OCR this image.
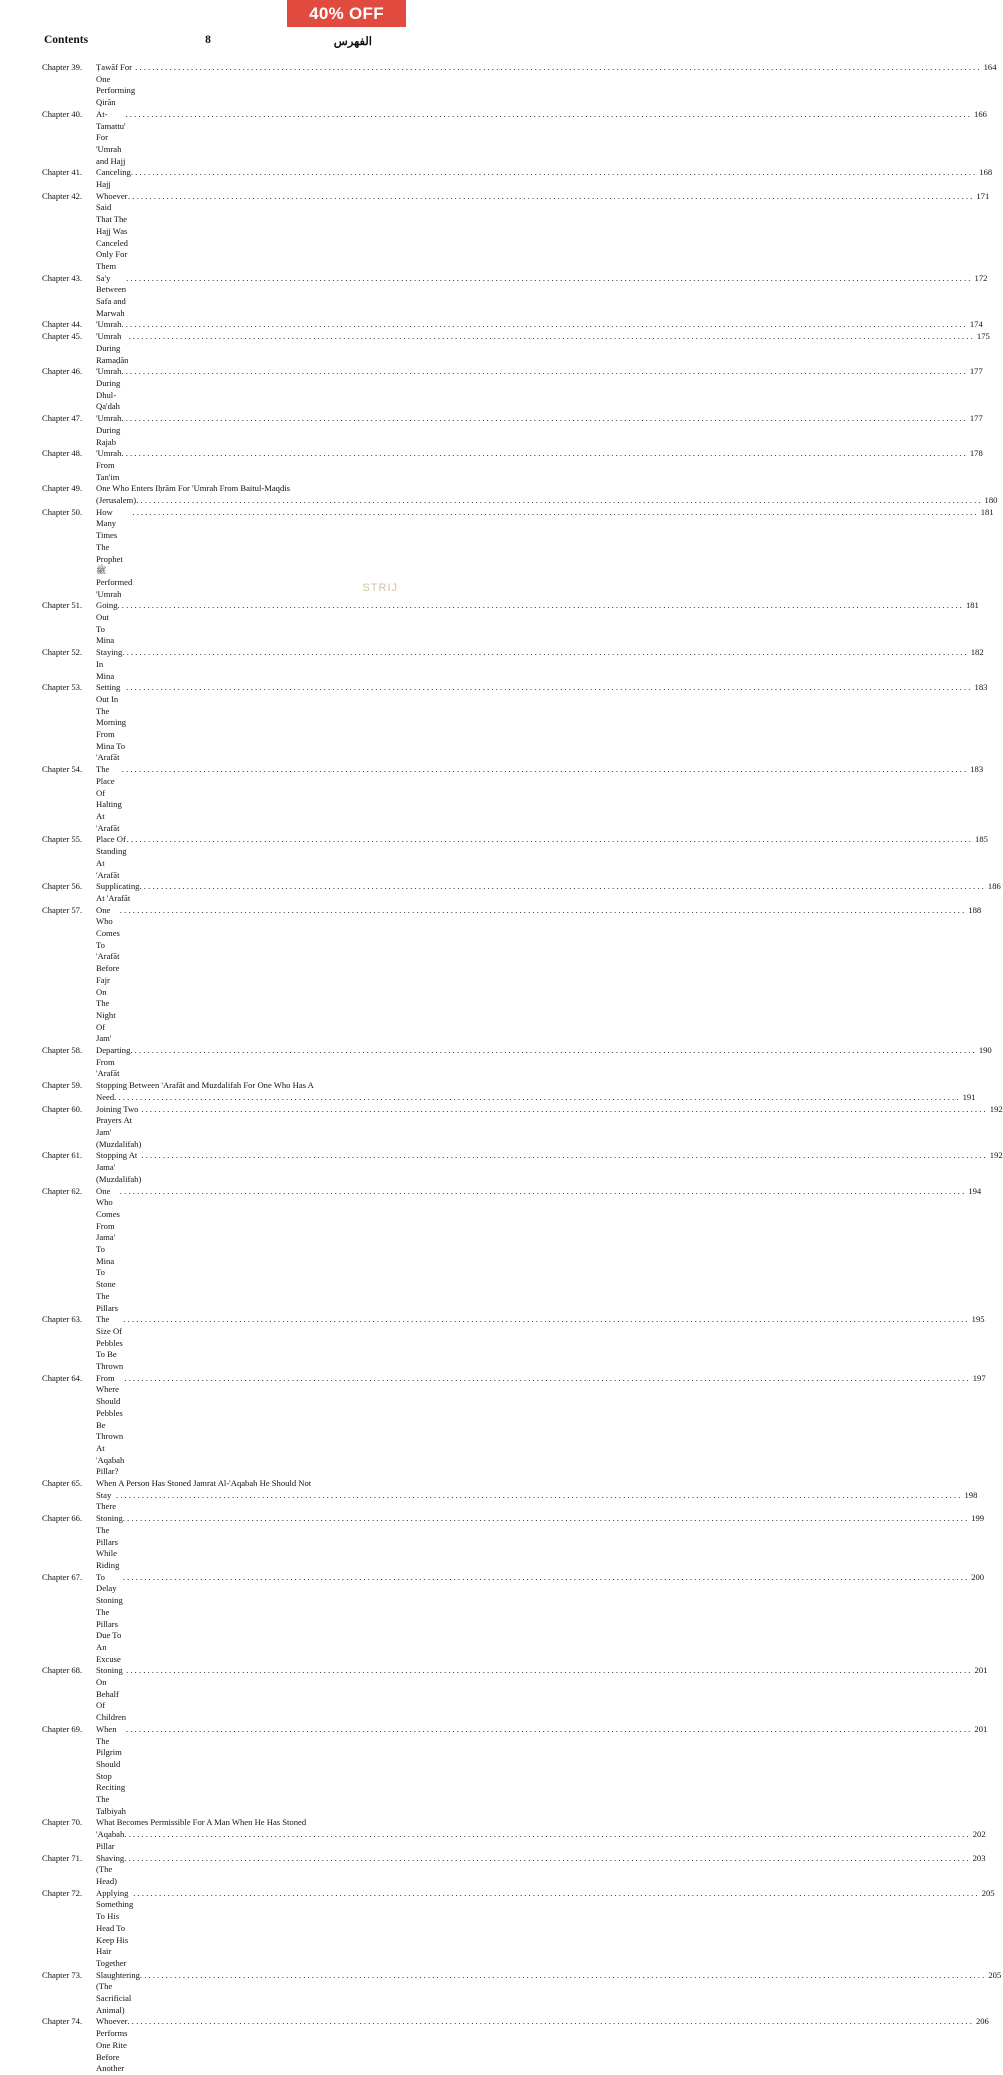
40% OFF
Contents	8	الفهرس
Chapter 39.	Ṭawāf For One Performing Qirān
. . .
164
Chapter 40.	At-Tamattu' For 'Umrah and Hajj
. . .
166
Chapter 41.	Canceling Hajj
. . .
168
Chapter 42.	Whoever Said That The Hajj Was Canceled Only For Them
. . .
171
Chapter 43.	Sa'y Between Safa and Marwah
. . .
172
Chapter 44.	'Umrah . . .	174
Chapter 45.	'Umrah During Ramaḍān
. . .
175
Chapter 46.	'Umrah During Dhul-Qa'dah
. . .
177
Chapter 47.	'Umrah During Rajab
. . .
177
Chapter 48.	'Umrah From Tan'im
. . .
178
Chapter 49.	One Who Enters Iḥrām For 'Umrah From Baitul-Maqdis
(Jerusalem) . . .	180
Chapter 50.	How Many Times The Prophet ﷺ Performed 'Umrah
. . .
181
Chapter 51.	Going Out To Mina
. . .
181
Chapter 52.	Staying In Mina
. . .
182
Chapter 53.	Setting Out In The Morning From Mina To 'Arafāt
. . .
183
Chapter 54.	The Place Of Halting At 'Arafāt
. . .
183
Chapter 55.	Place Of Standing At 'Arafāt
. . .
185
Chapter 56.	Supplicating At 'Arafāt
. . .
186
Chapter 57.	One Who Comes To 'Arafāt Before Fajr On The Night Of Jam'
. . .
188
Chapter 58.	Departing From 'Arafāt
. . .
190
Chapter 59.	Stopping Between 'Arafāt and Muzdalifah For One Who Has A
Need . . .	191
Chapter 60.	Joining Two Prayers At Jam' (Muzdalifah)
. . .
192
Chapter 61.	Stopping At Jama' (Muzdalifah)
. . .
192
Chapter 62.	One Who Comes From Jama' To Mina To Stone The Pillars
. . .
194
Chapter 63.	The Size Of Pebbles To Be Thrown
. . .
195
Chapter 64.	From Where Should Pebbles Be Thrown At 'Aqabah Pillar?
. . .
197
Chapter 65.	When A Person Has Stoned Jamrat Al-'Aqabah He Should Not
Stay There
. . .
198
Chapter 66.	Stoning The Pillars While Riding
. . .
199
Chapter 67.	To Delay Stoning The Pillars Due To An Excuse
. . .
200
Chapter 68.	Stoning On Behalf Of Children
. . .
201
Chapter 69.	When The Pilgrim Should Stop Reciting The Talbiyah
. . .
201
Chapter 70.	What Becomes Permissible For A Man When He Has Stoned
'Aqabah Pillar
. . .
202
Chapter 71.	Shaving (The Head)
. . .
203
Chapter 72.	Applying Something To His Head To Keep His Hair Together
. . .
205
Chapter 73.	Slaughtering (The Sacrificial Animal)
. . .
205
Chapter 74.	Whoever Performs One Rite Before Another
. . .
206
STRIJ
